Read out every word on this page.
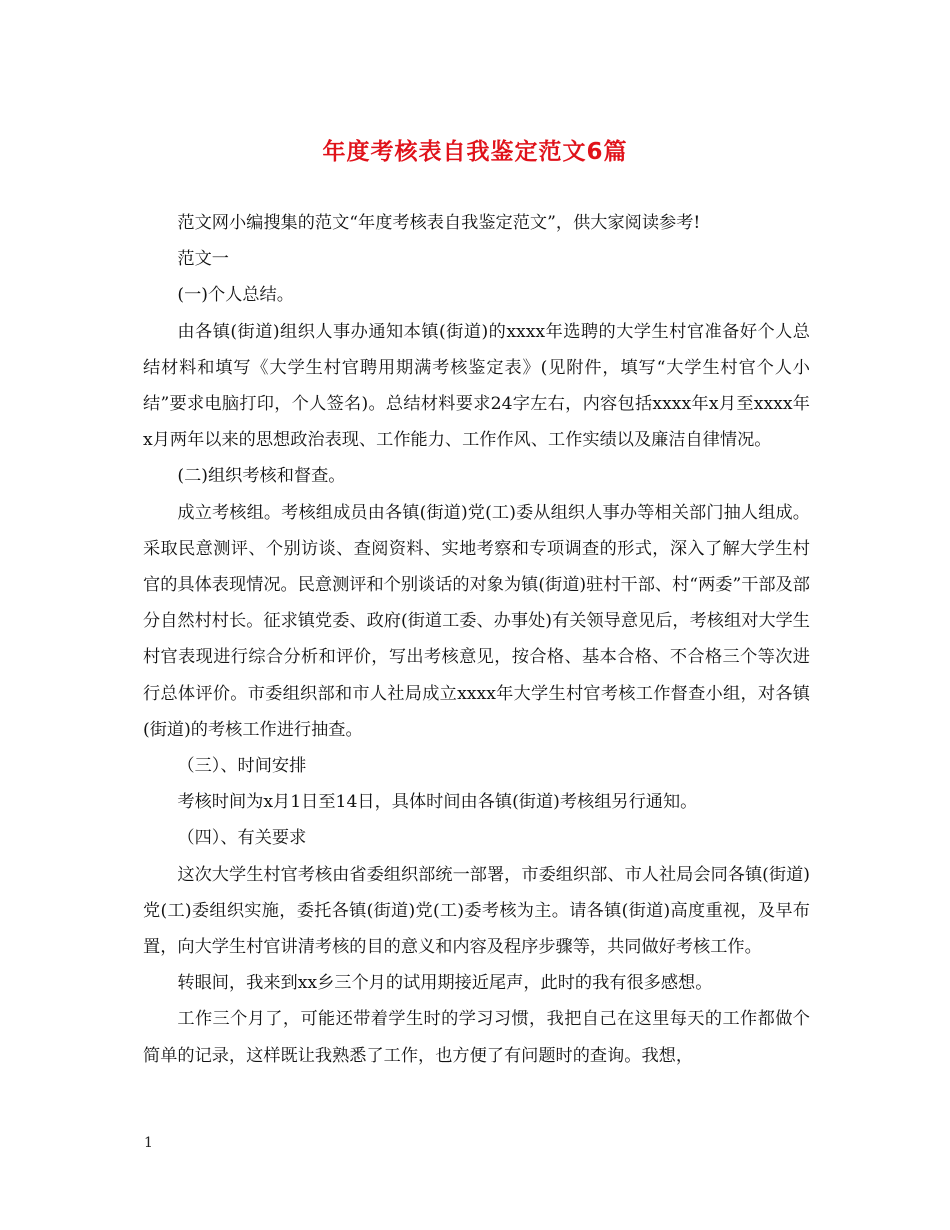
年度考核表自我鉴定范文6篇

范文网小编搜集的范文“年度考核表自我鉴定范文”，供大家阅读参考!

范文一

(一)个人总结。

由各镇(街道)组织人事办通知本镇(街道)的xxxx年选聘的大学生村官准备好个人总结材料和填写《大学生村官聘用期满考核鉴定表》(见附件，填写“大学生村官个人小结”要求电脑打印，个人签名)。总结材料要求24字左右，内容包括xxxx年x月至xxxx年x月两年以来的思想政治表现、工作能力、工作作风、工作实绩以及廉洁自律情况。

(二)组织考核和督查。

成立考核组。考核组成员由各镇(街道)党(工)委从组织人事办等相关部门抽人组成。采取民意测评、个别访谈、查阅资料、实地考察和专项调查的形式，深入了解大学生村官的具体表现情况。民意测评和个别谈话的对象为镇(街道)驻村干部、村“两委”干部及部分自然村村长。征求镇党委、政府(街道工委、办事处)有关领导意见后，考核组对大学生村官表现进行综合分析和评价，写出考核意见，按合格、基本合格、不合格三个等次进行总体评价。市委组织部和市人社局成立xxxx年大学生村官考核工作督查小组，对各镇(街道)的考核工作进行抽查。

（三）、时间安排

考核时间为x月1日至14日，具体时间由各镇(街道)考核组另行通知。

（四）、有关要求

这次大学生村官考核由省委组织部统一部署，市委组织部、市人社局会同各镇(街道)党(工)委组织实施，委托各镇(街道)党(工)委考核为主。请各镇(街道)高度重视，及早布置，向大学生村官讲清考核的目的意义和内容及程序步骤等，共同做好考核工作。

转眼间，我来到xx乡三个月的试用期接近尾声，此时的我有很多感想。

工作三个月了，可能还带着学生时的学习习惯，我把自己在这里每天的工作都做个简单的记录，这样既让我熟悉了工作，也方便了有问题时的查询。我想，

1
